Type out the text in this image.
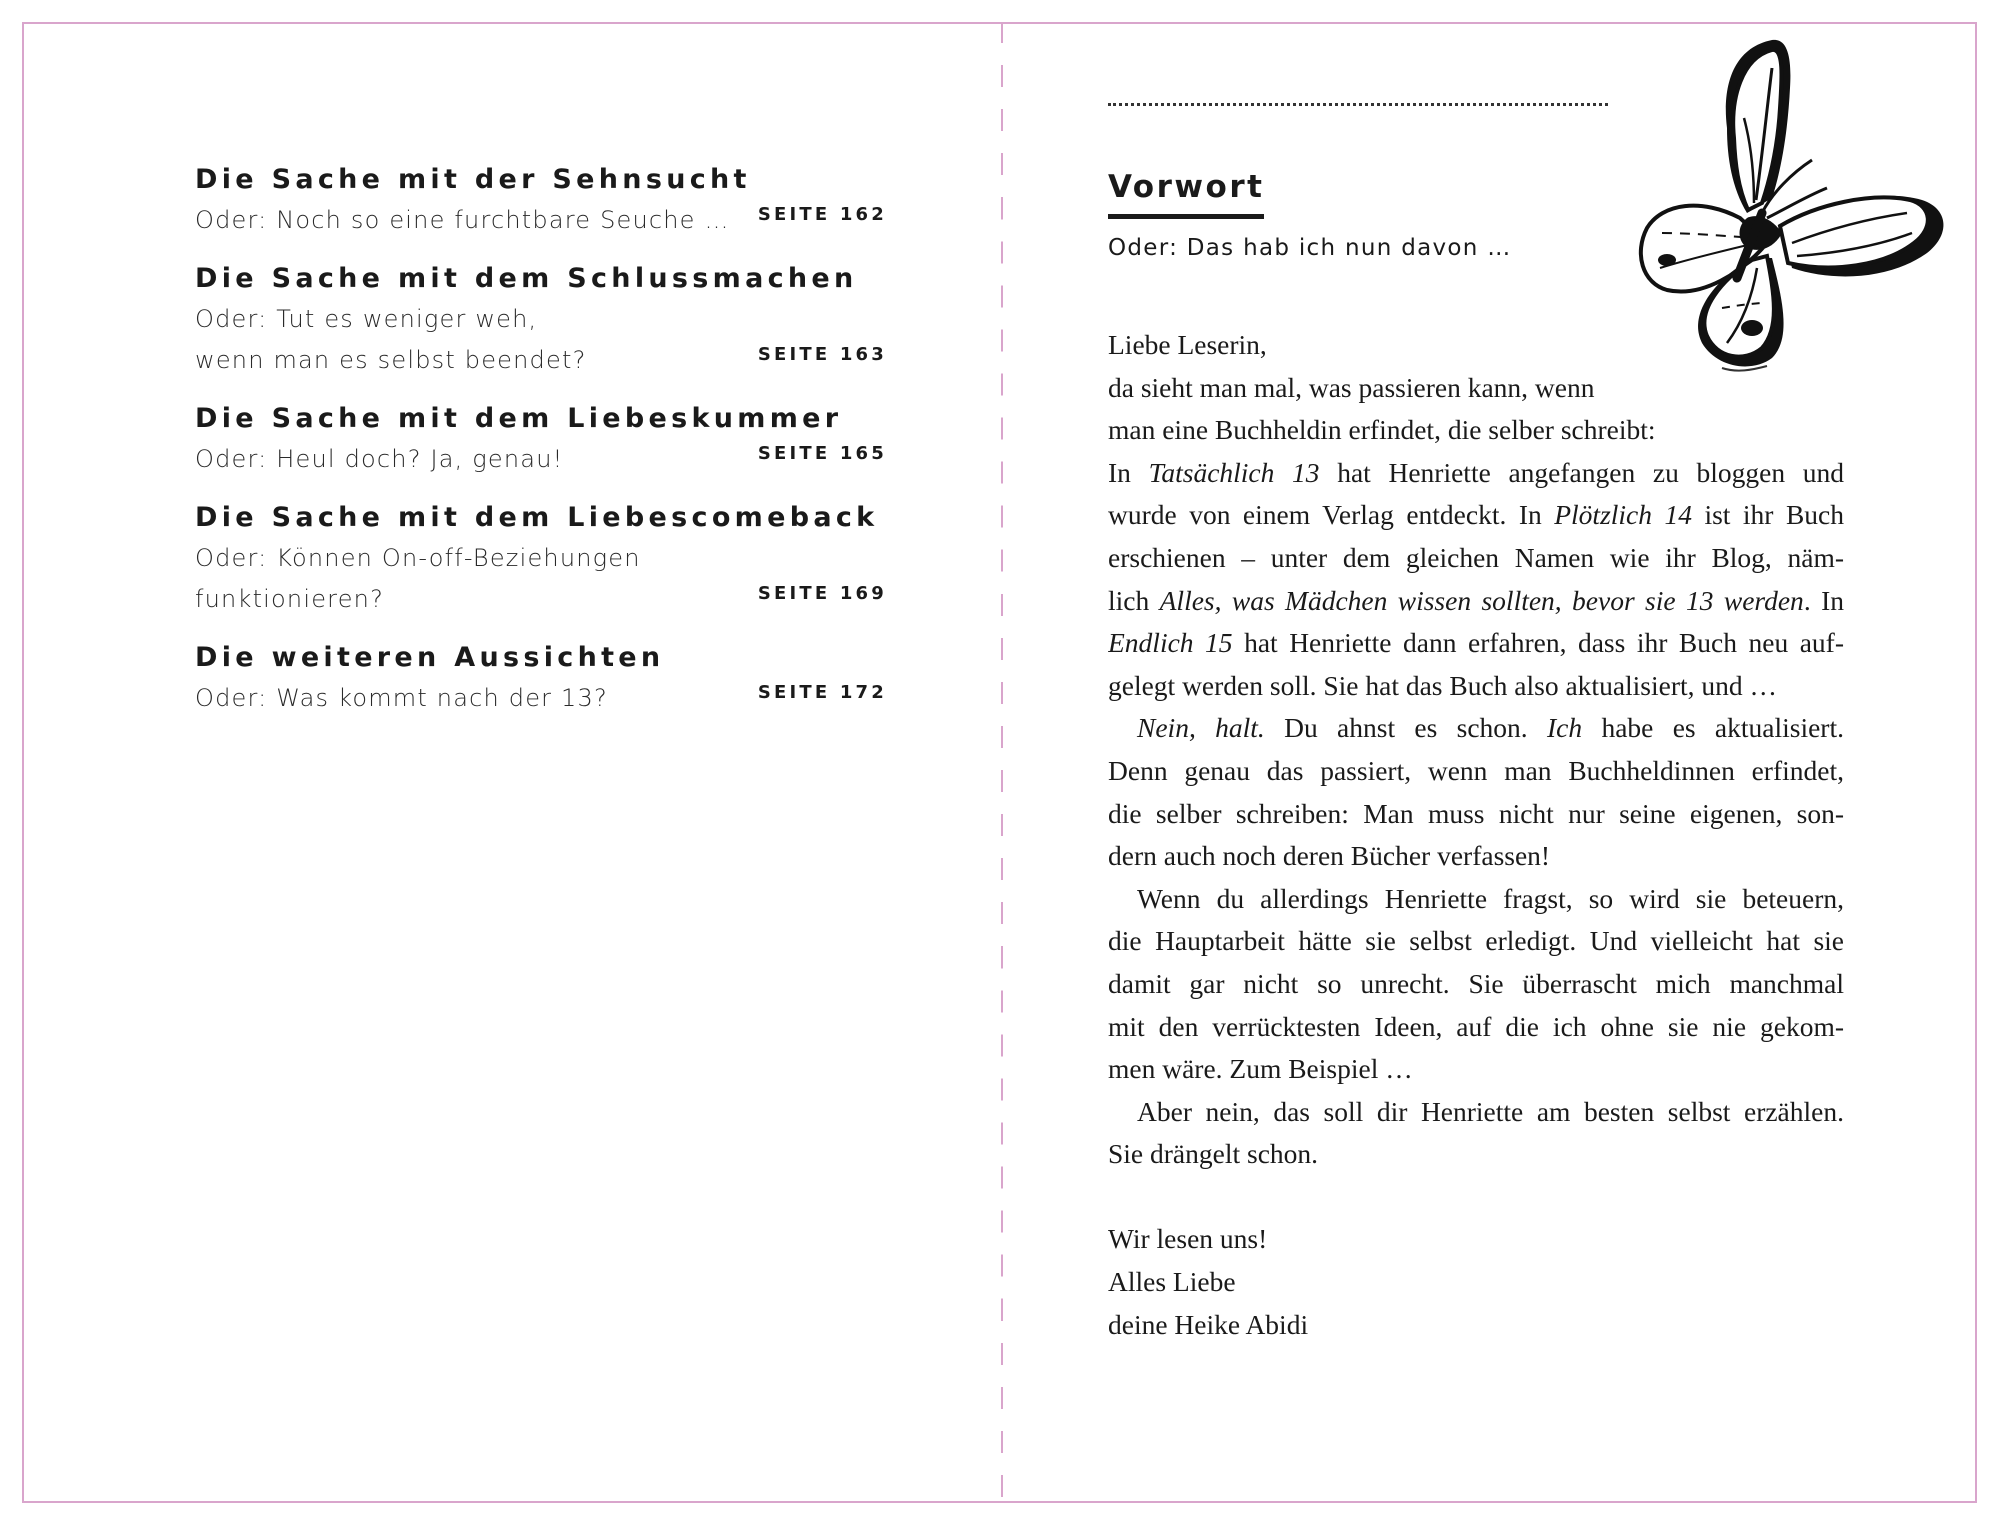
Die Sache mit der Sehnsucht
Oder: Noch so eine furchtbare Seuche …	SEITE 162
Die Sache mit dem Schlussmachen
Oder: Tut es weniger weh,
wenn man es selbst beendet?	SEITE 163
Die Sache mit dem Liebeskummer
Oder: Heul doch? Ja, genau!	SEITE 165
Die Sache mit dem Liebescomeback
Oder: Können On-off-Beziehungen
funktionieren?	SEITE 169
Die weiteren Aussichten
Oder: Was kommt nach der 13?	SEITE 172
Vorwort
Oder: Das hab ich nun davon …
Liebe Leserin,
da sieht man mal, was passieren kann, wenn
man eine Buchheldin erfindet, die selber schreibt:
In Tatsächlich 13 hat Henriette angefangen zu bloggen und
wurde von einem Verlag entdeckt. In Plötzlich 14 ist ihr Buch
erschienen – unter dem gleichen Namen wie ihr Blog, näm-
lich Alles, was Mädchen wissen sollten, bevor sie 13 werden. In
Endlich 15 hat Henriette dann erfahren, dass ihr Buch neu auf-
gelegt werden soll. Sie hat das Buch also aktualisiert, und …
Nein, halt. Du ahnst es schon. Ich habe es aktualisiert.
Denn genau das passiert, wenn man Buchheldinnen erfindet,
die selber schreiben: Man muss nicht nur seine eigenen, son-
dern auch noch deren Bücher verfassen!
Wenn du allerdings Henriette fragst, so wird sie beteuern,
die Hauptarbeit hätte sie selbst erledigt. Und vielleicht hat sie
damit gar nicht so unrecht. Sie überrascht mich manchmal
mit den verrücktesten Ideen, auf die ich ohne sie nie gekom-
men wäre. Zum Beispiel …
Aber nein, das soll dir Henriette am besten selbst erzählen.
Sie drängelt schon.
Wir lesen uns!
Alles Liebe
deine Heike Abidi
